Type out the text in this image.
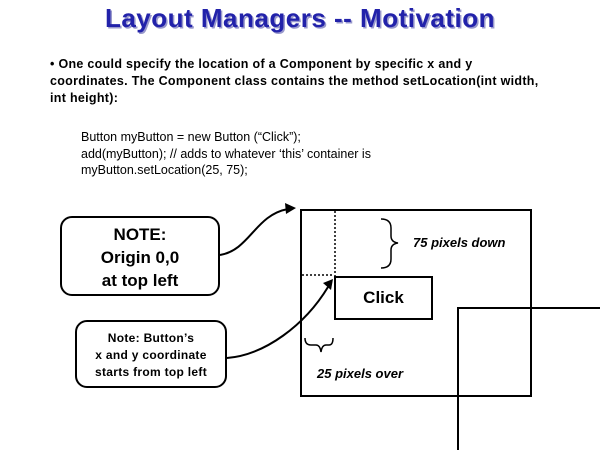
Layout Managers -- Motivation
• One could specify the location of a Component by specific x and y coordinates. The Component class contains the method setLocation(int width, int height):
Button myButton = new Button (“Click”);
add(myButton); // adds to whatever ‘this’ container is
myButton.setLocation(25, 75);
Click
75 pixels down
25 pixels over
NOTE:
Origin 0,0
at top left
Note: Button’s
x and y coordinate
starts from top left
